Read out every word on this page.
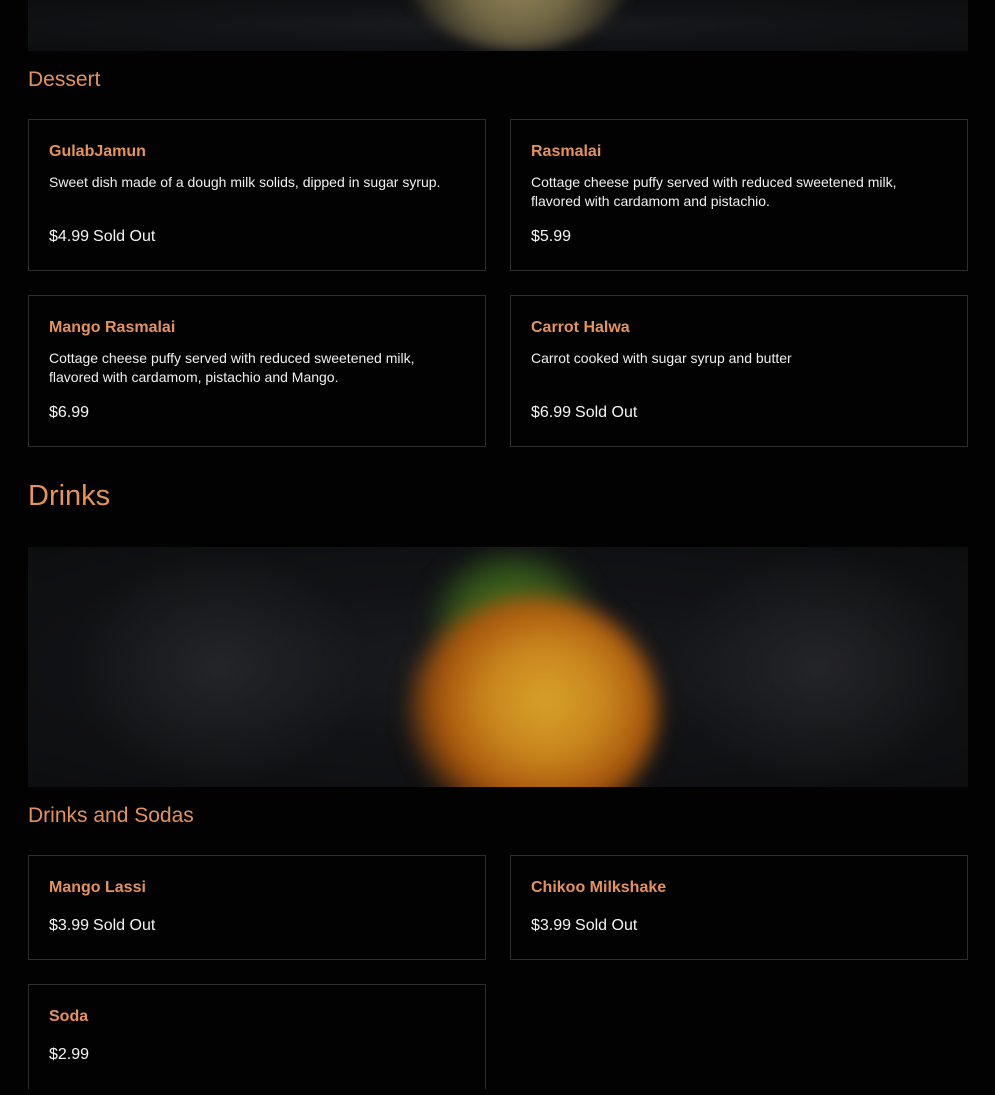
Dessert
GulabJamun
Sweet dish made of a dough milk solids, dipped in sugar syrup.
$4.99 Sold Out
Rasmalai
Cottage cheese puffy served with reduced sweetened milk, flavored with cardamom and pistachio.
$5.99
Mango Rasmalai
Cottage cheese puffy served with reduced sweetened milk, flavored with cardamom, pistachio and Mango.
$6.99
Carrot Halwa
Carrot cooked with sugar syrup and butter
$6.99 Sold Out
Drinks
Drinks and Sodas
Mango Lassi
$3.99 Sold Out
Chikoo Milkshake
$3.99 Sold Out
Soda
$2.99
